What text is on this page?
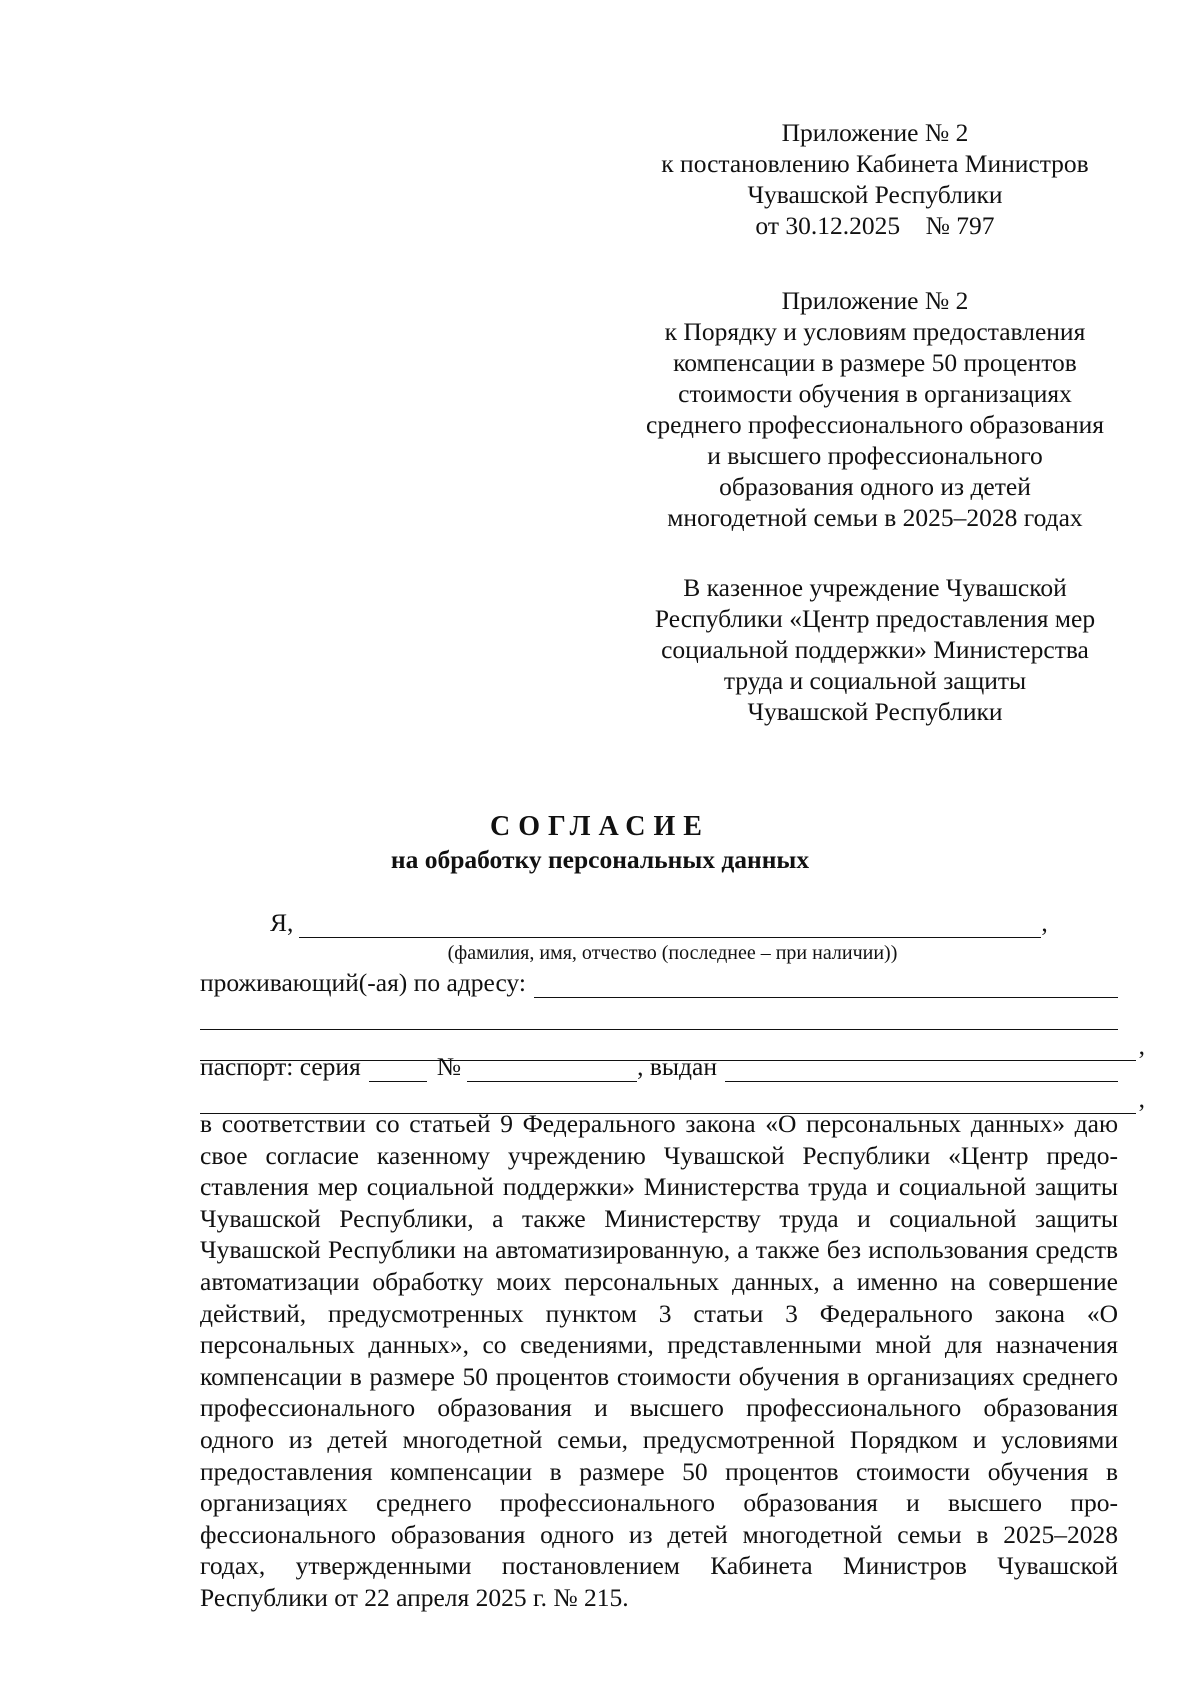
Приложение № 2
к постановлению Кабинета Министров
Чувашской Республики
от 30.12.2025    № 797
Приложение № 2
к Порядку и условиям предоставления
компенсации в размере 50 процентов
стоимости обучения в организациях
среднего профессионального образования
и высшего профессионального
образования одного из детей
многодетной семьи в 2025–2028 годах
В казенное учреждение Чувашской
Республики «Центр предоставления мер
социальной поддержки» Министерства
труда и социальной защиты
Чувашской Республики
СОГЛАСИЕ
на обработку персональных данных
Я,	,
(фамилия, имя, отчество (последнее – при наличии))
проживающий(-ая) по адресу:
,
паспорт: серия	№	, выдан
,
в соответствии со статьей 9 Федерального закона «О персональных данных» даю свое согласие казенному учреждению Чувашской Республики «Центр предоставления мер социальной поддержки» Министерства труда и социальной защиты Чувашской Республики, а также Министерству труда и социальной защиты Чувашской Республики на автоматизированную, а также без использования средств автоматизации обработку моих персональных данных, а именно на совершение действий, предусмотренных пунктом 3 статьи 3 Федерального закона «О персональных данных», со сведениями, представленными мной для назначения компенсации в размере 50 процентов стоимости обучения в организациях среднего профессионального образования и высшего профессионального образования одного из детей многодетной семьи, предусмотренной Порядком и условиями предоставления компенсации в размере 50 процентов стоимости обучения в организациях среднего профессионального образования и высшего профессионального образования одного из детей многодетной семьи в 2025–2028 годах, утвержденными постановлением Кабинета Министров Чувашской Республики от 22 апреля 2025 г. № 215.
